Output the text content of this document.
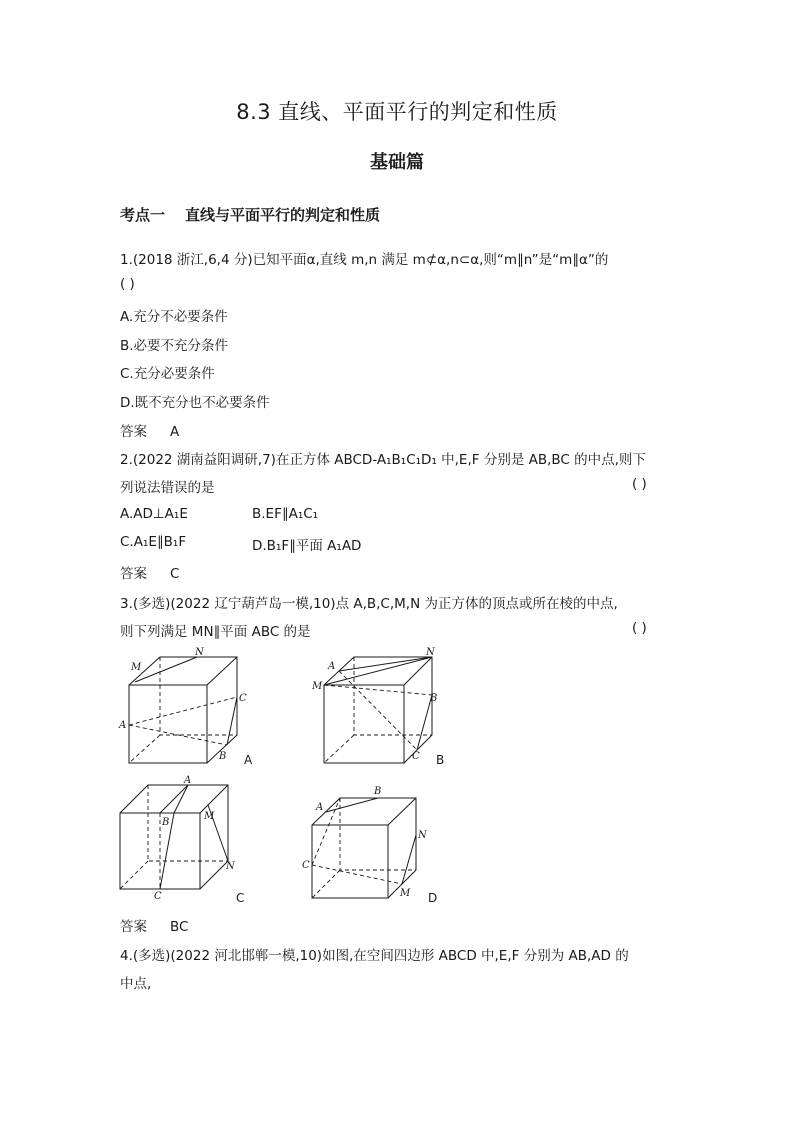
8.3 直线、平面平行的判定和性质
基础篇
考点一 直线与平面平行的判定和性质
1.(2018 浙江,6,4 分)已知平面α,直线 m,n 满足 m⊄α,n⊂α,则“m∥n”是“m∥α”的
( )
A.充分不必要条件
B.必要不充分条件
C.充分必要条件
D.既不充分也不必要条件
答案 A
2.(2022 湖南益阳调研,7)在正方体 ABCD-A₁B₁C₁D₁ 中,E,F 分别是 AB,BC 的中点,则下
列说法错误的是	( )
A.AD⊥A₁E	B.EF∥A₁C₁
C.A₁E∥B₁F	D.B₁F∥平面 A₁AD
答案 C
3.(多选)(2022 辽宁葫芦岛一模,10)点 A,B,C,M,N 为正方体的顶点或所在棱的中点,
则下列满足 MN∥平面 ABC 的是	( )
M
N
C
A
B A
A
N
M
B
C B
A
B
M
N
C	C
A
B
N
C
M D
答案 BC
4.(多选)(2022 河北邯郸一模,10)如图,在空间四边形 ABCD 中,E,F 分别为 AB,AD 的
中点,
